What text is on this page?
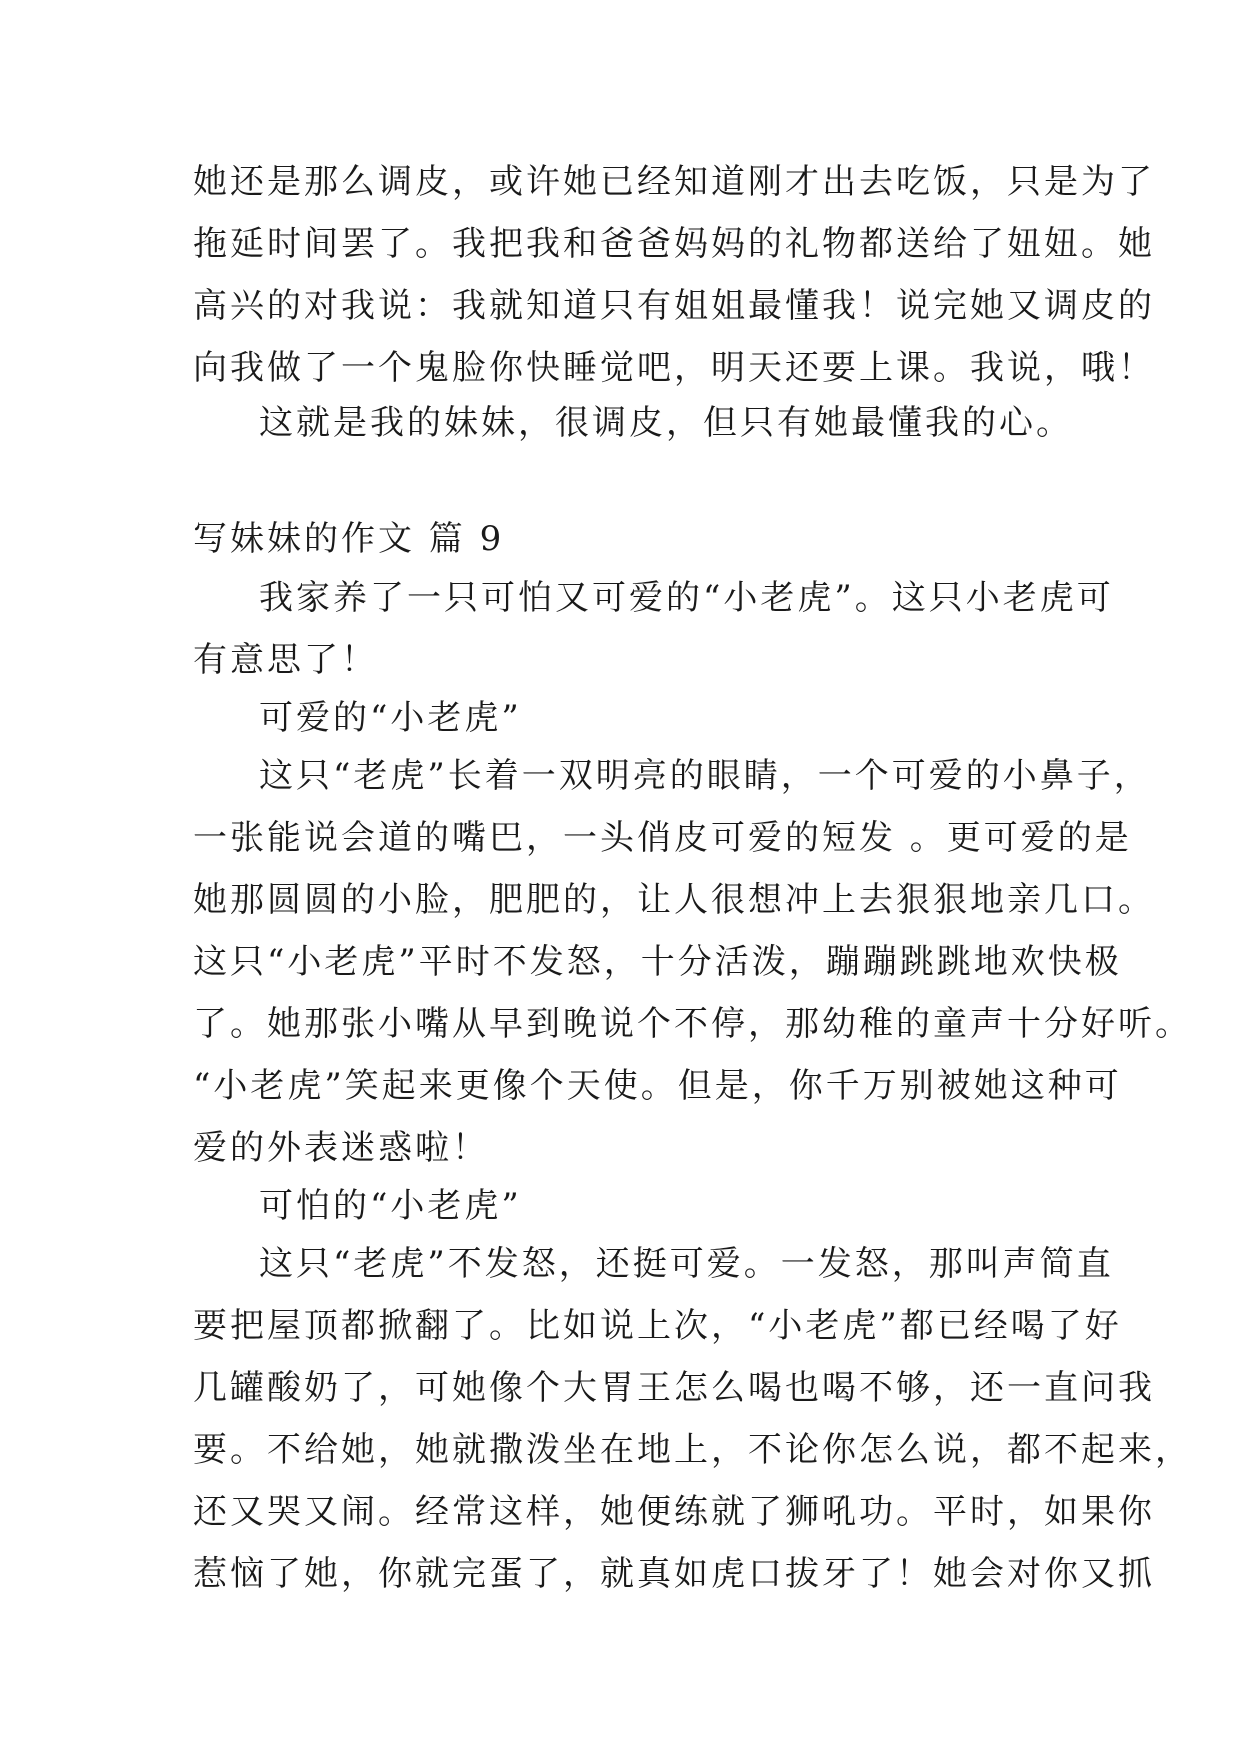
她还是那么调皮，或许她已经知道刚才出去吃饭，只是为了
拖延时间罢了。我把我和爸爸妈妈的礼物都送给了妞妞。她
高兴的对我说：我就知道只有姐姐最懂我！说完她又调皮的
向我做了一个鬼脸你快睡觉吧，明天还要上课。我说，哦！
这就是我的妹妹，很调皮，但只有她最懂我的心。
写妹妹的作文 篇 9
我家养了一只可怕又可爱的“小老虎”。这只小老虎可
有意思了！
可爱的“小老虎”
这只“老虎”长着一双明亮的眼睛，一个可爱的小鼻子，
一张能说会道的嘴巴，一头俏皮可爱的短发 。更可爱的是
她那圆圆的小脸，肥肥的，让人很想冲上去狠狠地亲几口。
这只“小老虎”平时不发怒，十分活泼，蹦蹦跳跳地欢快极
了。她那张小嘴从早到晚说个不停，那幼稚的童声十分好听。
“小老虎”笑起来更像个天使。但是，你千万别被她这种可
爱的外表迷惑啦！
可怕的“小老虎”
这只“老虎”不发怒，还挺可爱。一发怒，那叫声简直
要把屋顶都掀翻了。比如说上次，“小老虎”都已经喝了好
几罐酸奶了，可她像个大胃王怎么喝也喝不够，还一直问我
要。不给她，她就撒泼坐在地上，不论你怎么说，都不起来，
还又哭又闹。经常这样，她便练就了狮吼功。平时，如果你
惹恼了她，你就完蛋了，就真如虎口拔牙了！她会对你又抓
